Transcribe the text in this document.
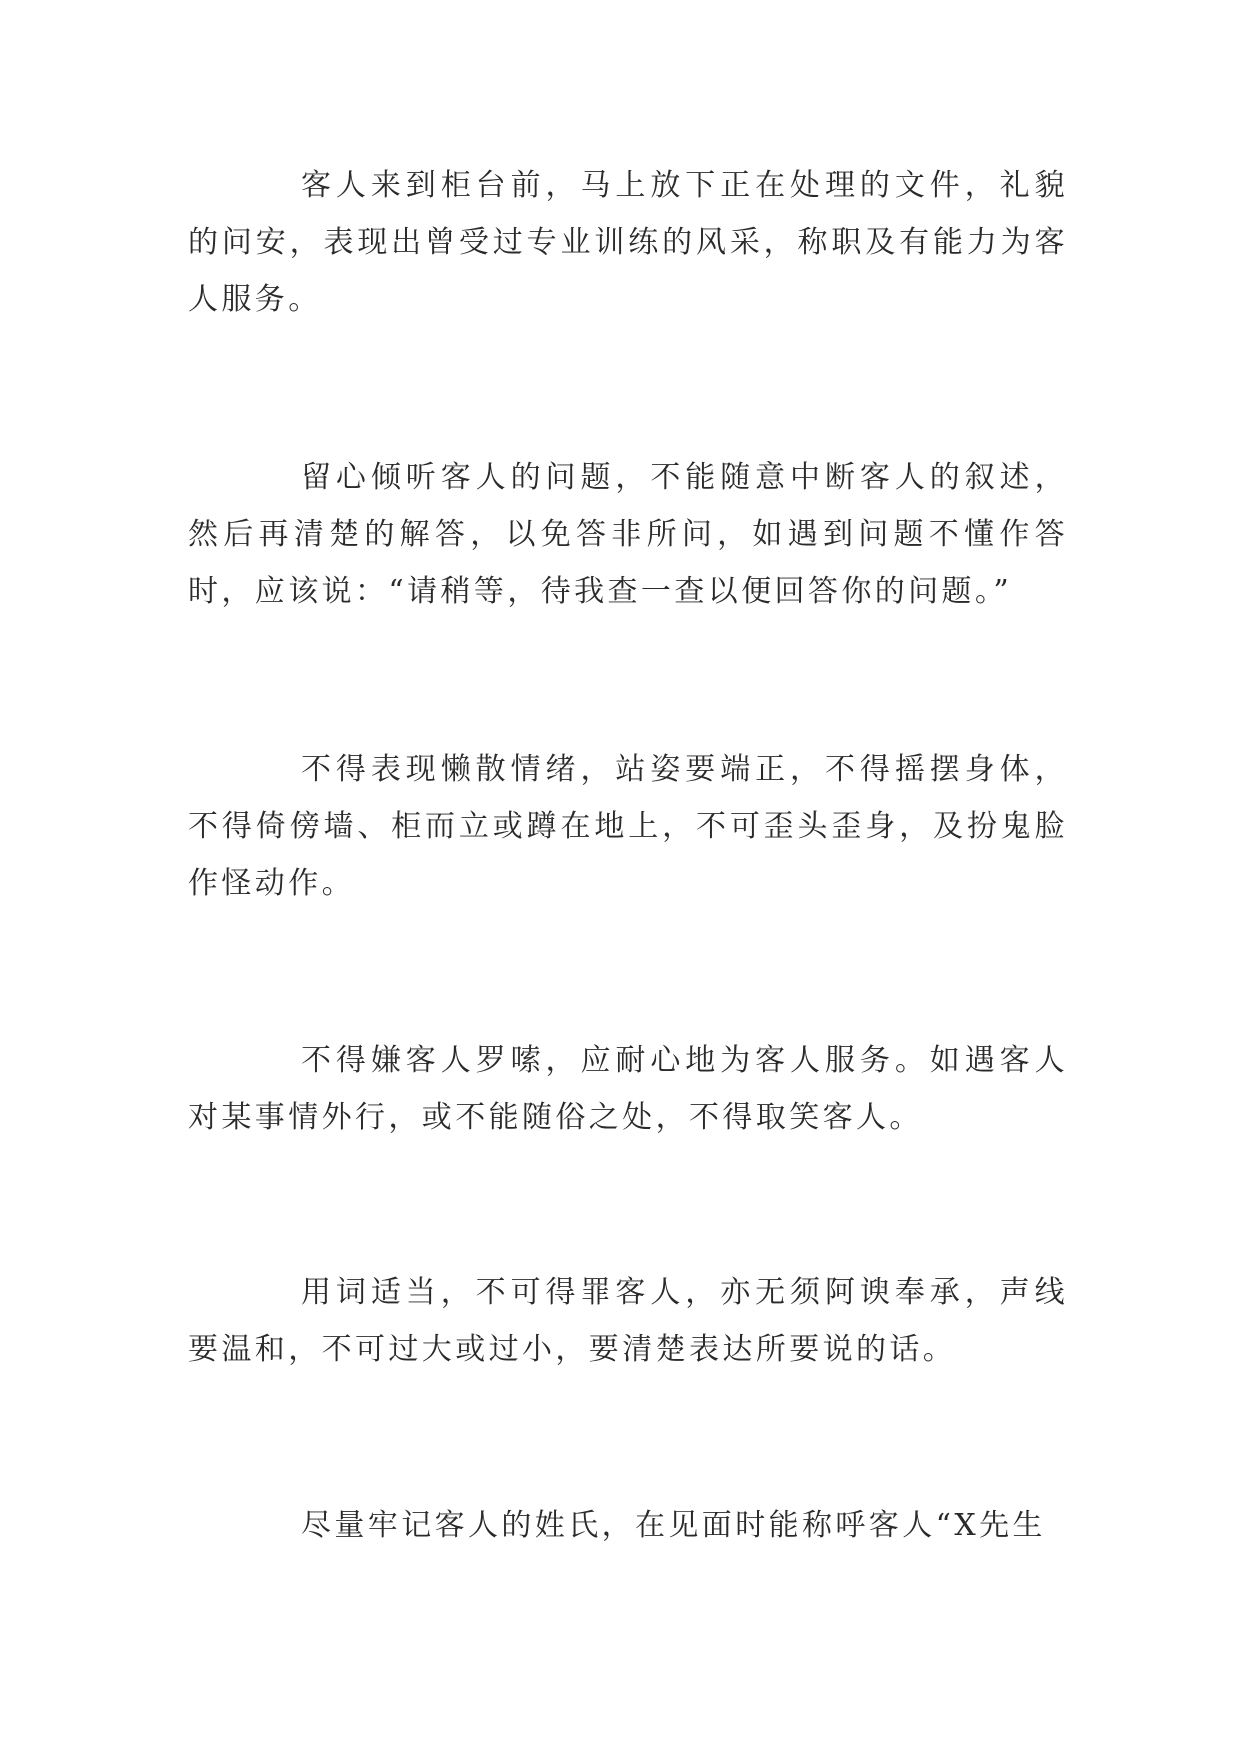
客人来到柜台前，马上放下正在处理的文件，礼貌的问安，表现出曾受过专业训练的风采，称职及有能力为客人服务。

留心倾听客人的问题，不能随意中断客人的叙述，然后再清楚的解答，以免答非所问，如遇到问题不懂作答时，应该说：“请稍等，待我查一查以便回答你的问题。”

不得表现懒散情绪，站姿要端正，不得摇摆身体，不得倚傍墙、柜而立或蹲在地上，不可歪头歪身，及扮鬼脸作怪动作。

不得嫌客人罗嗦，应耐心地为客人服务。如遇客人对某事情外行，或不能随俗之处，不得取笑客人。

用词适当，不可得罪客人，亦无须阿谀奉承，声线要温和，不可过大或过小，要清楚表达所要说的话。

尽量牢记客人的姓氏，在见面时能称呼客人“X先生
